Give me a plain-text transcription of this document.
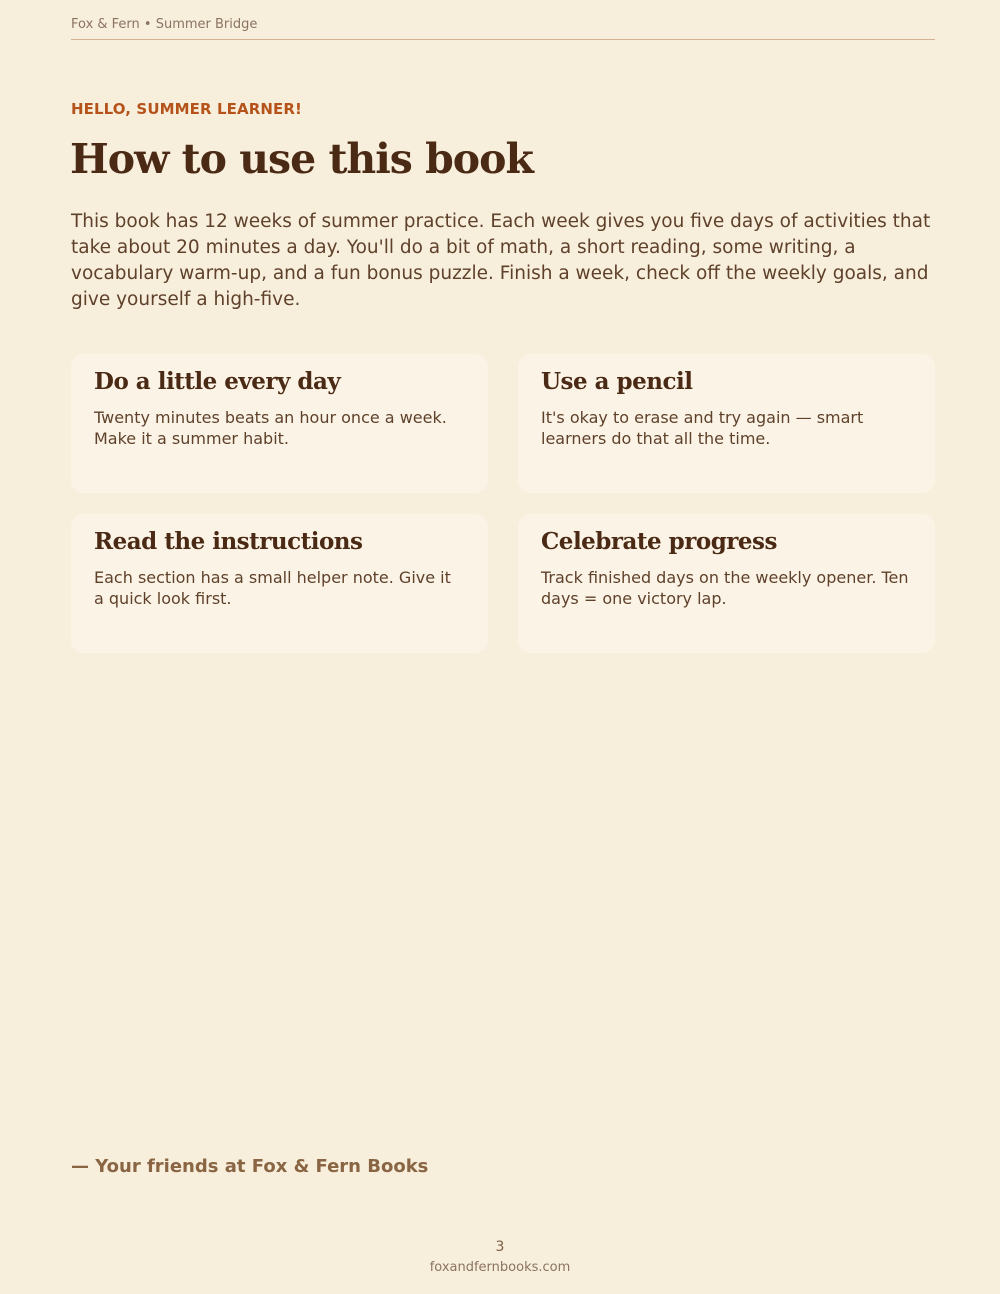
Fox & Fern • Summer Bridge
HELLO, SUMMER LEARNER!
How to use this book

This book has 12 weeks of summer practice. Each week gives you five days of activities that take about 20 minutes a day. You'll do a bit of math, a short reading, some writing, a vocabulary warm-up, and a fun bonus puzzle. Finish a week, check off the weekly goals, and give yourself a high-five.

Do a little every day

Twenty minutes beats an hour once a week. Make it a summer habit.

Use a pencil

It's okay to erase and try again — smart learners do that all the time.

Read the instructions

Each section has a small helper note. Give it a quick look first.

Celebrate progress

Track finished days on the weekly opener. Ten days = one victory lap.

— Your friends at Fox & Fern Books
3
foxandfernbooks.com
